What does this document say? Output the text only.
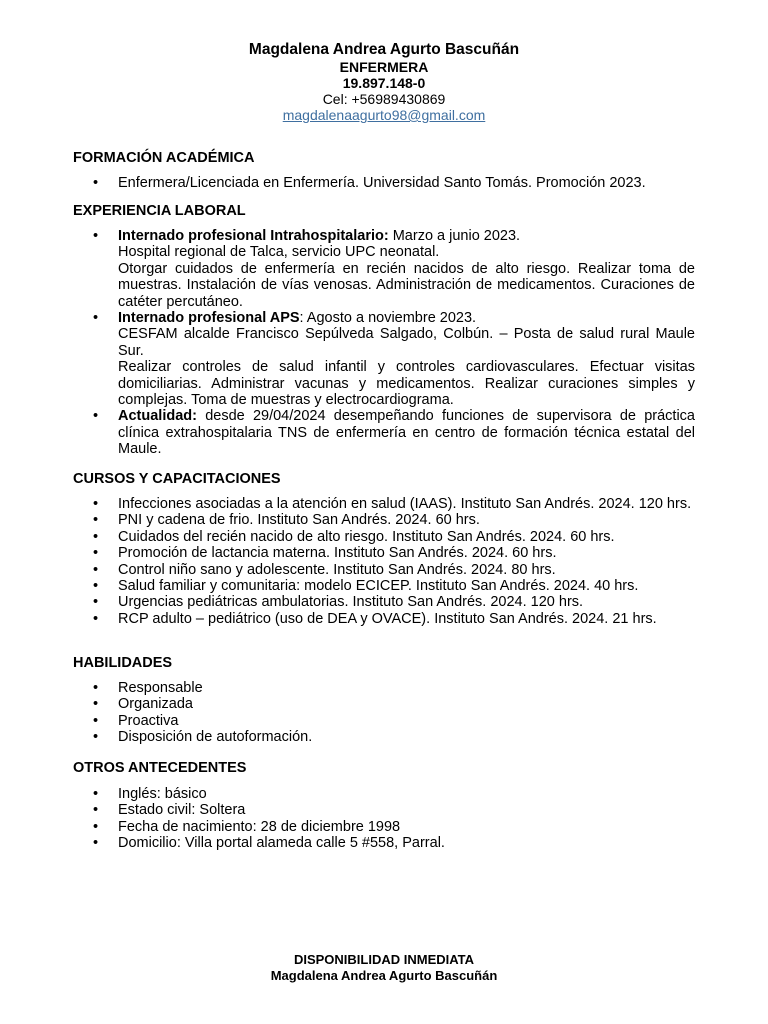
Magdalena Andrea Agurto Bascuñán
ENFERMERA
19.897.148-0
Cel: +56989430869
magdalenaagurto98@gmail.com
FORMACIÓN ACADÉMICA
• Enfermera/Licenciada en Enfermería. Universidad Santo Tomás. Promoción 2023.
EXPERIENCIA LABORAL
• Internado profesional Intrahospitalario: Marzo a junio 2023.
Hospital regional de Talca, servicio UPC neonatal.
Otorgar cuidados de enfermería en recién nacidos de alto riesgo. Realizar toma de muestras. Instalación de vías venosas. Administración de medicamentos. Curaciones de catéter percutáneo.
• Internado profesional APS: Agosto a noviembre 2023.
CESFAM alcalde Francisco Sepúlveda Salgado, Colbún. – Posta de salud rural Maule Sur.
Realizar controles de salud infantil y controles cardiovasculares. Efectuar visitas domiciliarias. Administrar vacunas y medicamentos. Realizar curaciones simples y complejas. Toma de muestras y electrocardiograma.
• Actualidad: desde 29/04/2024 desempeñando funciones de supervisora de práctica clínica extrahospitalaria TNS de enfermería en centro de formación técnica estatal del Maule.
CURSOS Y CAPACITACIONES
• Infecciones asociadas a la atención en salud (IAAS). Instituto San Andrés. 2024. 120 hrs.
• PNI y cadena de frio. Instituto San Andrés. 2024. 60 hrs.
• Cuidados del recién nacido de alto riesgo. Instituto San Andrés. 2024. 60 hrs.
• Promoción de lactancia materna. Instituto San Andrés. 2024. 60 hrs.
• Control niño sano y adolescente. Instituto San Andrés. 2024. 80 hrs.
• Salud familiar y comunitaria: modelo ECICEP. Instituto San Andrés. 2024. 40 hrs.
• Urgencias pediátricas ambulatorias. Instituto San Andrés. 2024. 120 hrs.
• RCP adulto – pediátrico (uso de DEA y OVACE). Instituto San Andrés. 2024. 21 hrs.
HABILIDADES
• Responsable
• Organizada
• Proactiva
• Disposición de autoformación.
OTROS ANTECEDENTES
• Inglés: básico
• Estado civil: Soltera
• Fecha de nacimiento: 28 de diciembre 1998
• Domicilio: Villa portal alameda calle 5 #558, Parral.
DISPONIBILIDAD INMEDIATA
Magdalena Andrea Agurto Bascuñán
